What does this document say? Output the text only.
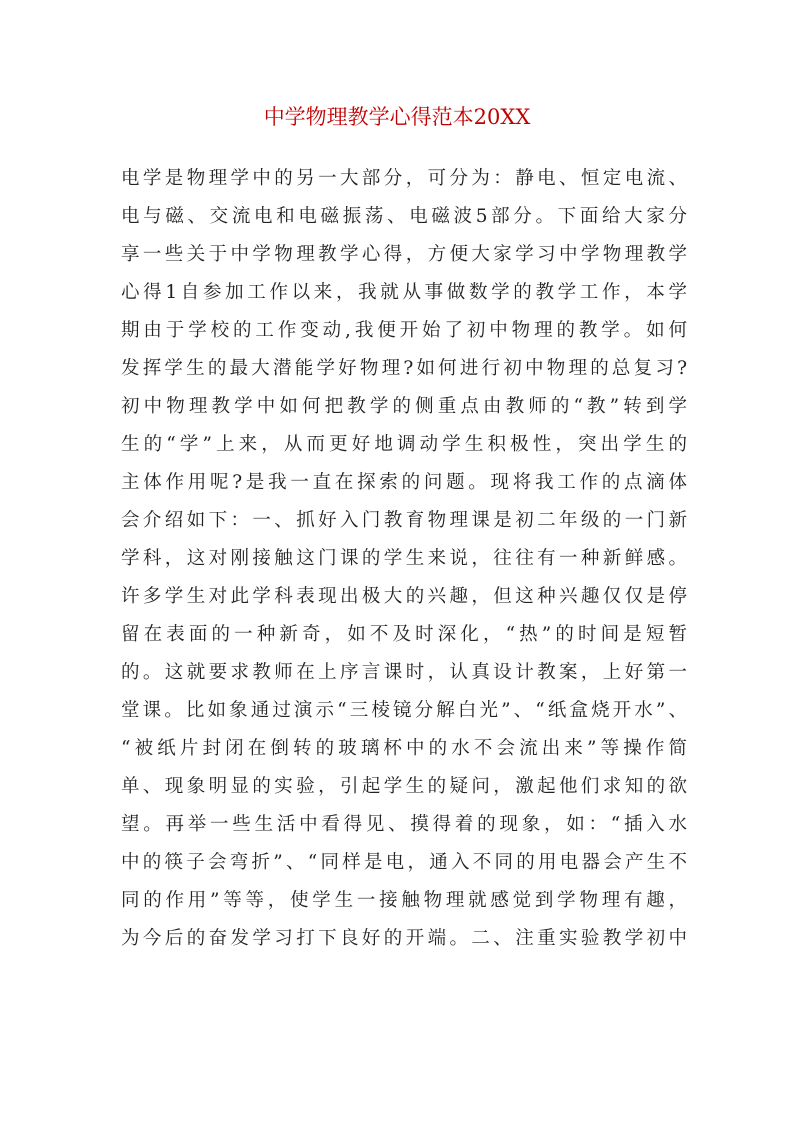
中学物理教学心得范本20XX
电学是物理学中的另一大部分，可分为：静电、恒定电流、
电与磁、交流电和电磁振荡、电磁波5部分。下面给大家分
享一些关于中学物理教学心得，方便大家学习中学物理教学
心得1自参加工作以来，我就从事做数学的教学工作，本学
期由于学校的工作变动,我便开始了初中物理的教学。如何
发挥学生的最大潜能学好物理?如何进行初中物理的总复习?
初中物理教学中如何把教学的侧重点由教师的“教”转到学
生的“学”上来，从而更好地调动学生积极性，突出学生的
主体作用呢?是我一直在探索的问题。现将我工作的点滴体
会介绍如下：一、抓好入门教育物理课是初二年级的一门新
学科，这对刚接触这门课的学生来说，往往有一种新鲜感。
许多学生对此学科表现出极大的兴趣，但这种兴趣仅仅是停
留在表面的一种新奇，如不及时深化，“热”的时间是短暂
的。这就要求教师在上序言课时，认真设计教案，上好第一
堂课。比如象通过演示“三棱镜分解白光”、“纸盒烧开水”、
“被纸片封闭在倒转的玻璃杯中的水不会流出来”等操作简
单、现象明显的实验，引起学生的疑问，激起他们求知的欲
望。再举一些生活中看得见、摸得着的现象，如：“插入水
中的筷子会弯折”、“同样是电，通入不同的用电器会产生不
同的作用”等等，使学生一接触物理就感觉到学物理有趣，
为今后的奋发学习打下良好的开端。二、注重实验教学初中
